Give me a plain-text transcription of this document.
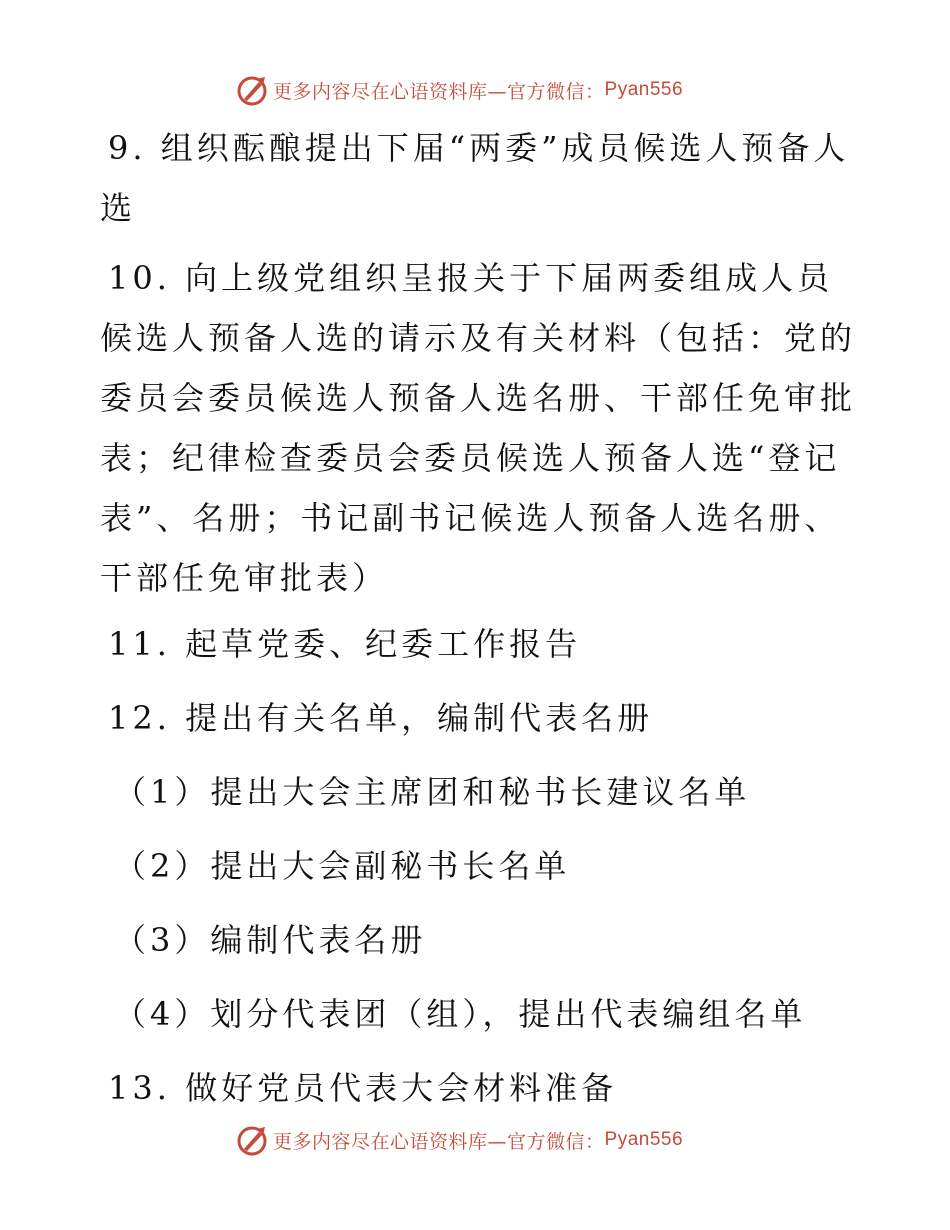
更多内容尽在心语资料库—官方微信： Pyan556
9. 组织酝酿提出下届“两委”成员候选人预备人选
10. 向上级党组织呈报关于下届两委组成人员候选人预备人选的请示及有关材料（包括：党的委员会委员候选人预备人选名册、干部任免审批表；纪律检查委员会委员候选人预备人选“登记表”、名册；书记副书记候选人预备人选名册、干部任免审批表）
11. 起草党委、纪委工作报告
12. 提出有关名单，编制代表名册
（1）提出大会主席团和秘书长建议名单
（2）提出大会副秘书长名单
（3）编制代表名册
（4）划分代表团（组），提出代表编组名单
13. 做好党员代表大会材料准备
更多内容尽在心语资料库—官方微信： Pyan556
